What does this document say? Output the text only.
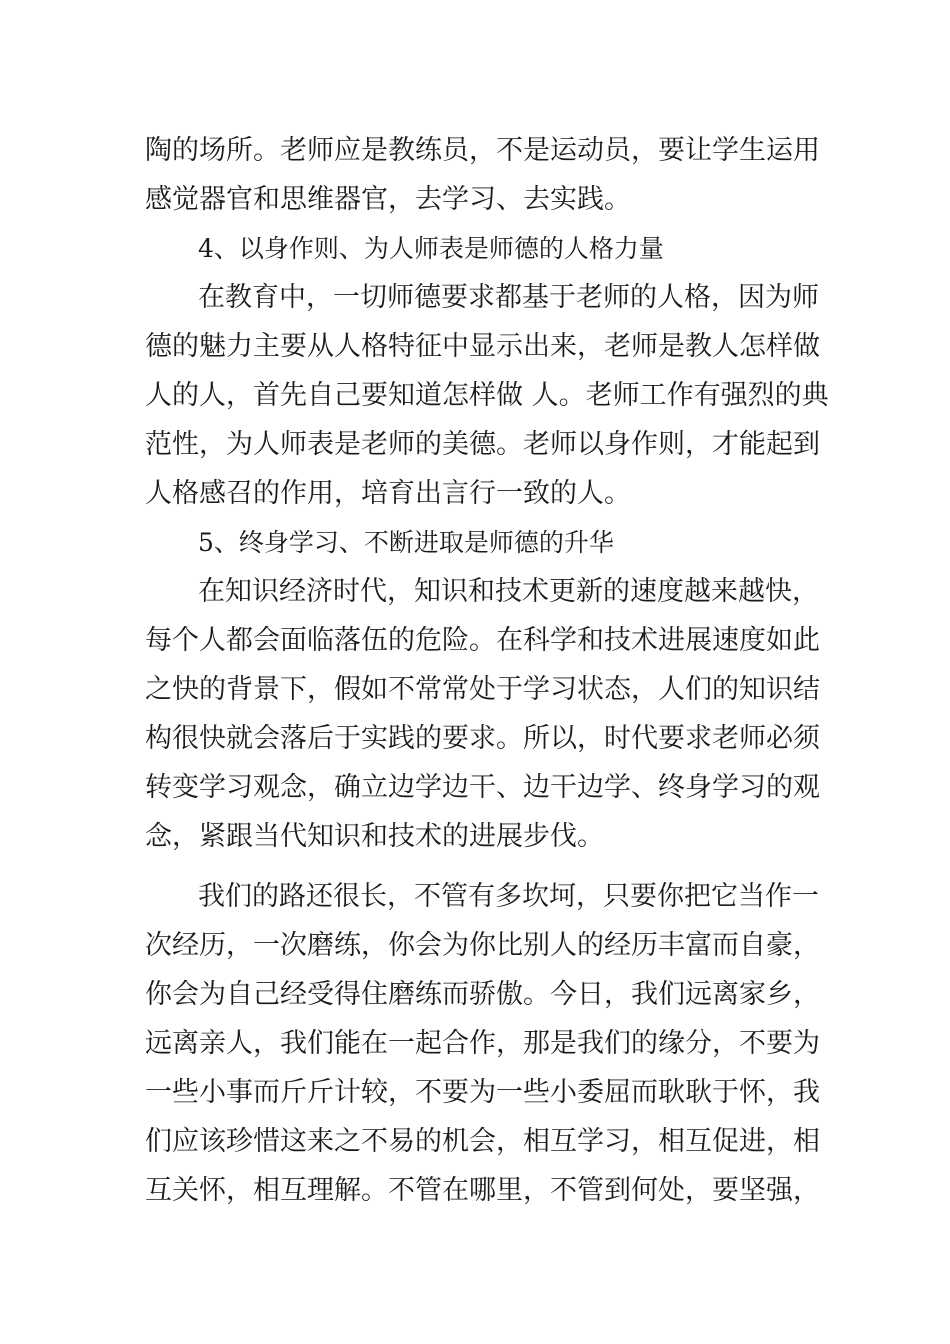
陶的场所。老师应是教练员，不是运动员，要让学生运用
感觉器官和思维器官，去学习、去实践。
4、以身作则、为人师表是师德的人格力量
在教育中，一切师德要求都基于老师的人格，因为师
德的魅力主要从人格特征中显示出来，老师是教人怎样做
人的人，首先自己要知道怎样做 人。老师工作有强烈的典
范性，为人师表是老师的美德。老师以身作则，才能起到
人格感召的作用，培育出言行一致的人。
5、终身学习、不断进取是师德的升华
在知识经济时代，知识和技术更新的速度越来越快，
每个人都会面临落伍的危险。在科学和技术进展速度如此
之快的背景下，假如不常常处于学习状态，人们的知识结
构很快就会落后于实践的要求。所以，时代要求老师必须
转变学习观念，确立边学边干、边干边学、终身学习的观
念，紧跟当代知识和技术的进展步伐。
我们的路还很长，不管有多坎坷，只要你把它当作一
次经历，一次磨练，你会为你比别人的经历丰富而自豪，
你会为自己经受得住磨练而骄傲。今日，我们远离家乡，
远离亲人，我们能在一起合作，那是我们的缘分，不要为
一些小事而斤斤计较，不要为一些小委屈而耿耿于怀，我
们应该珍惜这来之不易的机会，相互学习，相互促进，相
互关怀，相互理解。不管在哪里，不管到何处，要坚强，
